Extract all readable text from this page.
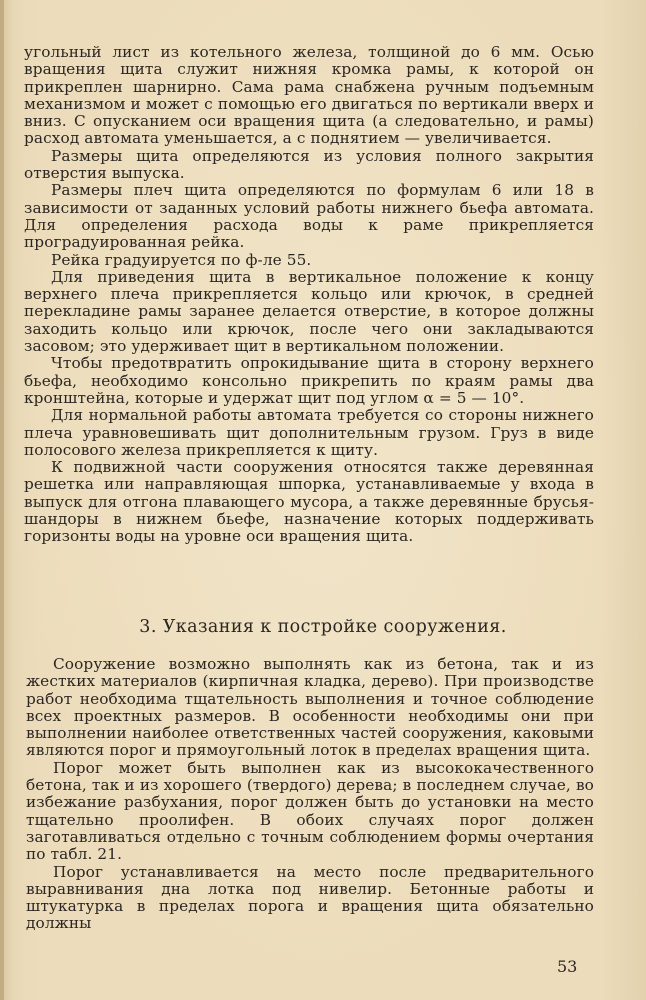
угольный лист из котельного железа, толщиной до 6 мм. Осью вращения щита служит нижняя кромка рамы, к которой он прикреплен шарнирно. Сама рама снабжена ручным подъемным механизмом и может с помощью его двигаться по вертикали вверх и вниз. С опусканием оси вращения щита (а следовательно, и рамы) расход автомата уменьшается, а с поднятием — увеличивается.

Размеры щита определяются из условия полного закрытия отверстия выпуска.

Размеры плеч щита определяются по формулам 6 или 18 в зависимости от заданных условий работы нижнего бьефа автомата. Для определения расхода воды к раме прикрепляется проградуированная рейка.

Рейка градуируется по ф-ле 55.

Для приведения щита в вертикальное положение к концу верхнего плеча прикрепляется кольцо или крючок, в средней перекладине рамы заранее делается отверстие, в которое должны заходить кольцо или крючок, после чего они закладываются засовом; это удерживает щит в вертикальном положении.

Чтобы предотвратить опрокидывание щита в сторону верхнего бьефа, необходимо консольно прикрепить по краям рамы два кронштейна, которые и удержат щит под углом α = 5 — 10°.

Для нормальной работы автомата требуется со стороны нижнего плеча уравновешивать щит дополнительным грузом. Груз в виде полосового железа прикрепляется к щиту.

К подвижной части сооружения относятся также деревянная решетка или направляющая шпорка, устанавливаемые у входа в выпуск для отгона плавающего мусора, а также деревянные брусья-шандоры в нижнем бьефе, назначение которых поддерживать горизонты воды на уровне оси вращения щита.

3. Указания к постройке сооружения.

Сооружение возможно выполнять как из бетона, так и из жестких материалов (кирпичная кладка, дерево). При производстве работ необходима тщательность выполнения и точное соблюдение всех проектных размеров. В особенности необходимы они при выполнении наиболее ответственных частей сооружения, каковыми являются порог и прямоугольный лоток в пределах вращения щита.

Порог может быть выполнен как из высококачественного бетона, так и из хорошего (твердого) дерева; в последнем случае, во избежание разбухания, порог должен быть до установки на место тщательно проолифен. В обоих случаях порог должен заготавливаться отдельно с точным соблюдением формы очертания по табл. 21.

Порог устанавливается на место после предварительного выравнивания дна лотка под нивелир. Бетонные работы и штукатурка в пределах порога и вращения щита обязательно должны

53
